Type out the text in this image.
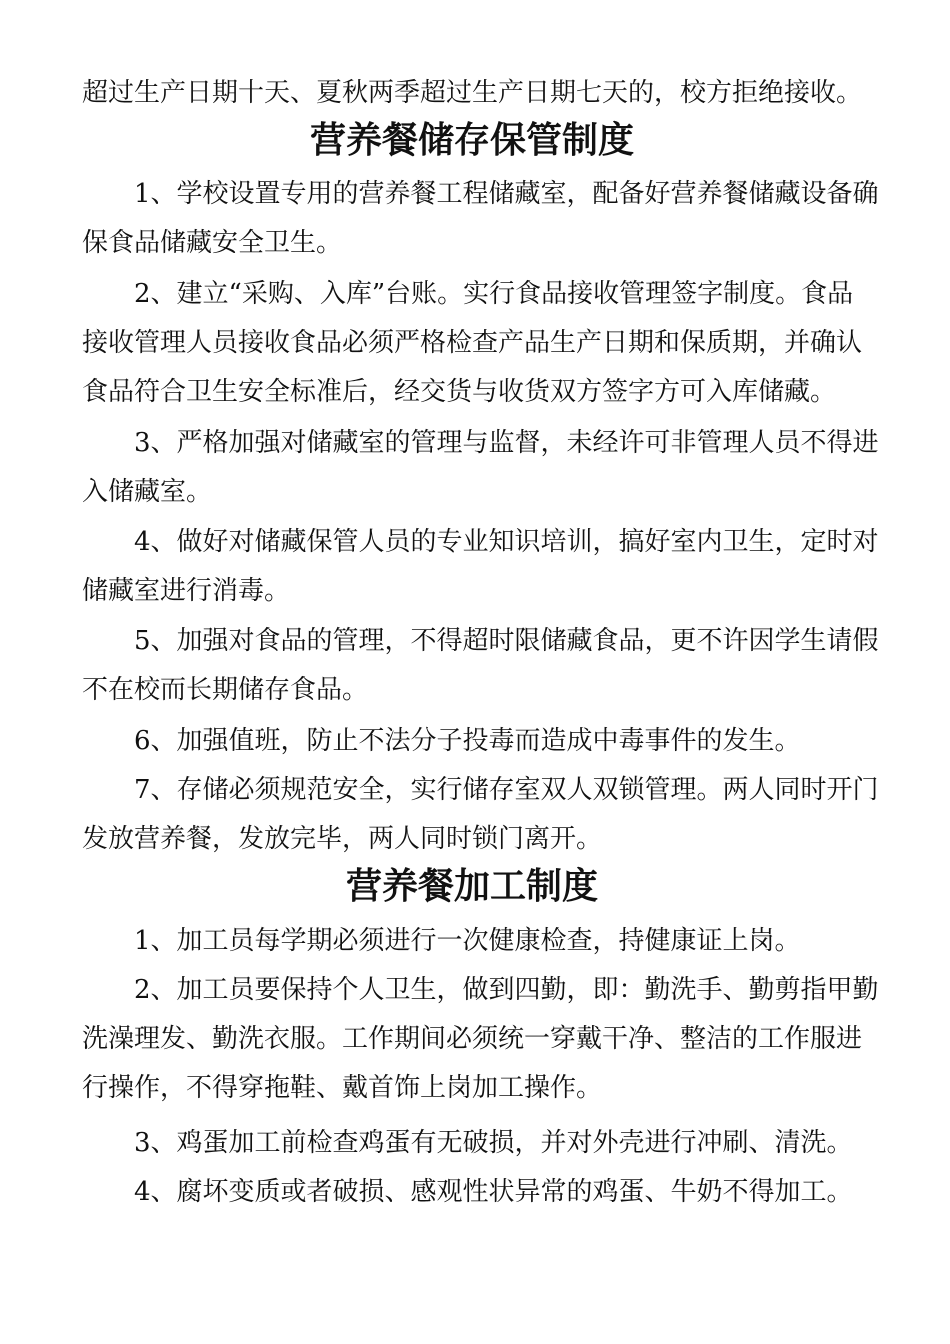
超过生产日期十天、夏秋两季超过生产日期七天的，校方拒绝接收。

营养餐储存保管制度

1、学校设置专用的营养餐工程储藏室，配备好营养餐储藏设备确

保食品储藏安全卫生。

2、建立“采购、入库”台账。实行食品接收管理签字制度。食品

接收管理人员接收食品必须严格检查产品生产日期和保质期，并确认

食品符合卫生安全标准后，经交货与收货双方签字方可入库储藏。

3、严格加强对储藏室的管理与监督，未经许可非管理人员不得进

入储藏室。

4、做好对储藏保管人员的专业知识培训，搞好室内卫生，定时对

储藏室进行消毒。

5、加强对食品的管理，不得超时限储藏食品，更不许因学生请假

不在校而长期储存食品。

6、加强值班，防止不法分子投毒而造成中毒事件的发生。

7、存储必须规范安全，实行储存室双人双锁管理。两人同时开门

发放营养餐，发放完毕，两人同时锁门离开。

营养餐加工制度

1、加工员每学期必须进行一次健康检查，持健康证上岗。

2、加工员要保持个人卫生，做到四勤，即：勤洗手、勤剪指甲勤

洗澡理发、勤洗衣服。工作期间必须统一穿戴干净、整洁的工作服进

行操作，不得穿拖鞋、戴首饰上岗加工操作。

3、鸡蛋加工前检查鸡蛋有无破损，并对外壳进行冲刷、清洗。

4、腐坏变质或者破损、感观性状异常的鸡蛋、牛奶不得加工。
